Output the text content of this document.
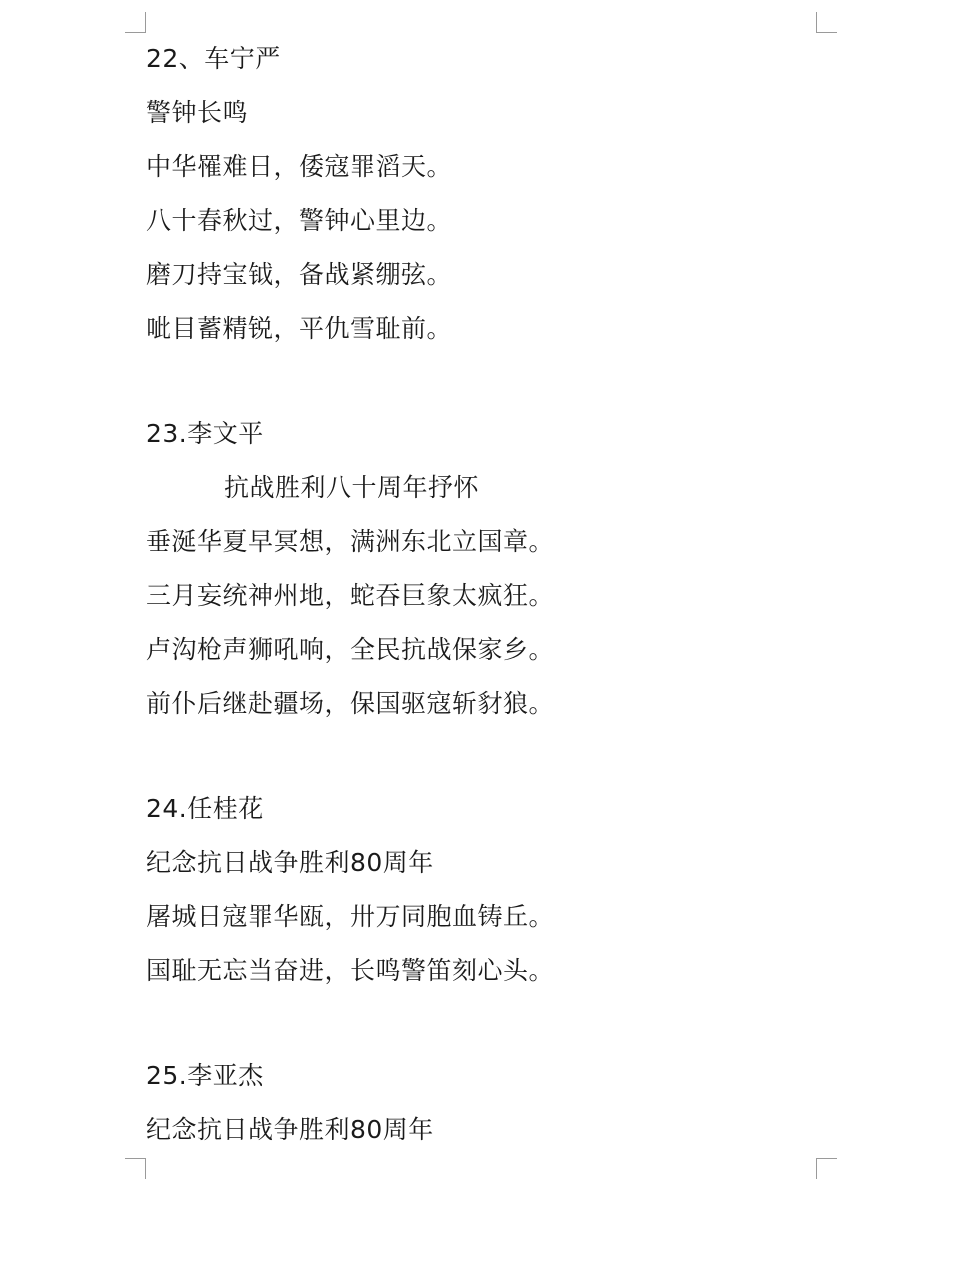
22、车宁严
警钟长鸣
中华罹难日，倭寇罪滔天。
八十春秋过，警钟心里边。
磨刀持宝钺，备战紧绷弦。
呲目蓄精锐，平仇雪耻前。
23.李文平
抗战胜利八十周年抒怀
垂涎华夏早冥想，满洲东北立国章。
三月妄统神州地，蛇吞巨象太疯狂。
卢沟枪声狮吼响，全民抗战保家乡。
前仆后继赴疆场，保国驱寇斩豺狼。
24.任桂花
纪念抗日战争胜利80周年
屠城日寇罪华瓯，卅万同胞血铸丘。
国耻无忘当奋进，长鸣警笛刻心头。
25.李亚杰
纪念抗日战争胜利80周年
